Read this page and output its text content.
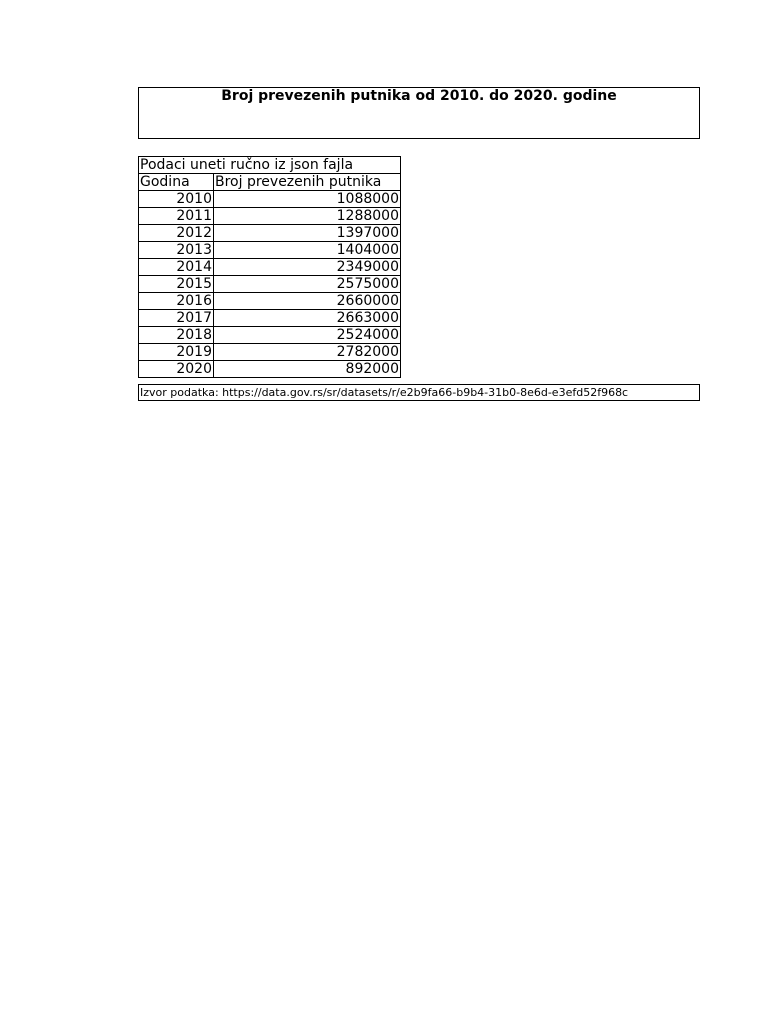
Broj prevezenih putnika od 2010. do 2020. godine
Podaci uneti ručno iz json fajla	
Godina	Broj prevezenih putnika
2010	1088000
2011	1288000
2012	1397000
2013	1404000
2014	2349000
2015	2575000
2016	2660000
2017	2663000
2018	2524000
2019	2782000
2020	892000
Izvor podatka: https://data.gov.rs/sr/datasets/r/e2b9fa66-b9b4-31b0-8e6d-e3efd52f968c
